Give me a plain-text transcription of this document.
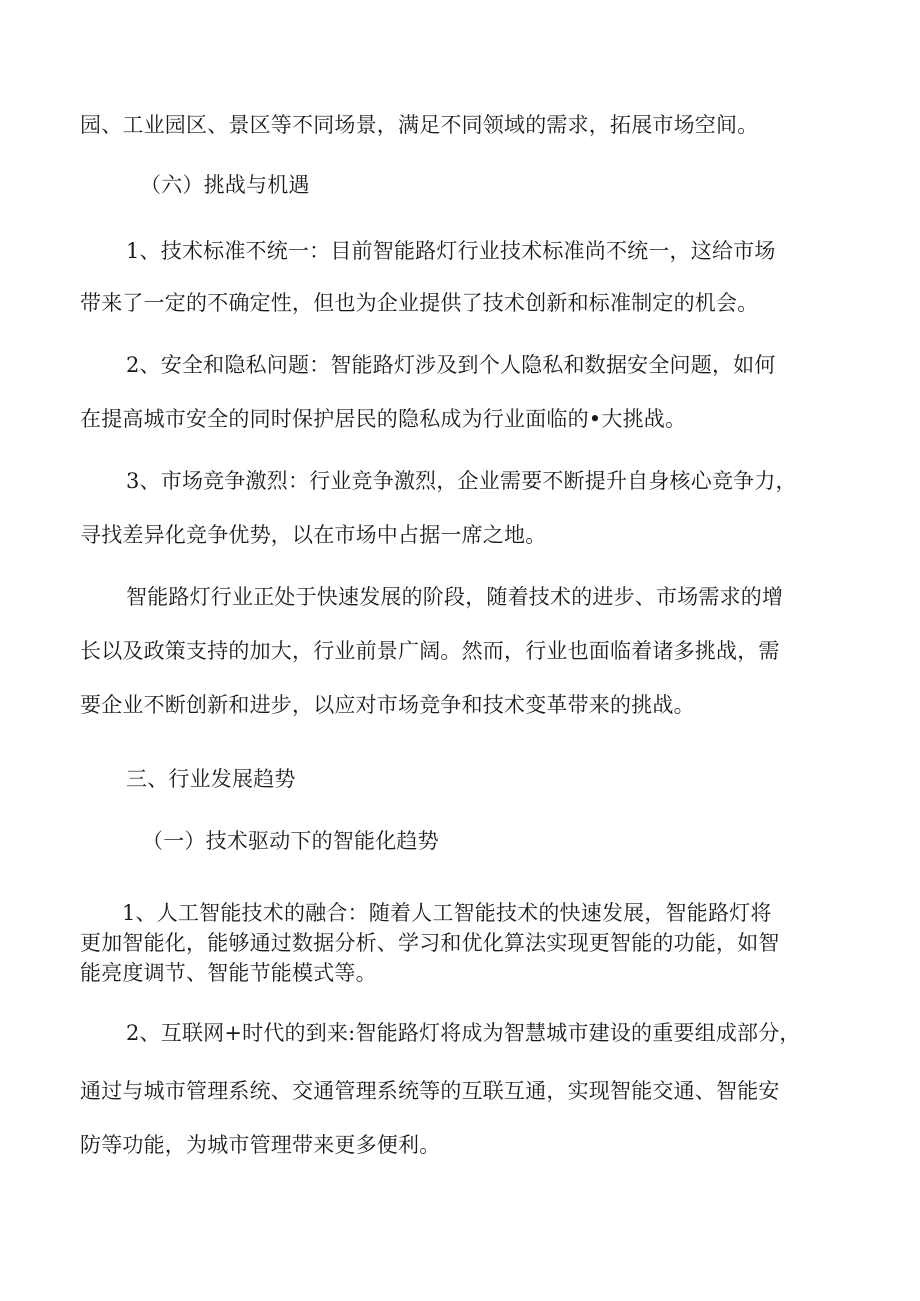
园、工业园区、景区等不同场景，满足不同领域的需求，拓展市场空间。
（六）挑战与机遇
1、技术标准不统一：目前智能路灯行业技术标准尚不统一，这给市场
带来了一定的不确定性，但也为企业提供了技术创新和标准制定的机会。
2、安全和隐私问题：智能路灯涉及到个人隐私和数据安全问题，如何
在提高城市安全的同时保护居民的隐私成为行业面临的•大挑战。
3、市场竞争激烈：行业竞争激烈，企业需要不断提升自身核心竞争力，
寻找差异化竞争优势，以在市场中占据一席之地。
智能路灯行业正处于快速发展的阶段，随着技术的进步、市场需求的增
长以及政策支持的加大，行业前景广阔。然而，行业也面临着诸多挑战，需
要企业不断创新和进步，以应对市场竞争和技术变革带来的挑战。
三、行业发展趋势
（一）技术驱动下的智能化趋势
1、人工智能技术的融合：随着人工智能技术的快速发展，智能路灯将
更加智能化，能够通过数据分析、学习和优化算法实现更智能的功能，如智
能亮度调节、智能节能模式等。
2、互联网+时代的到来:智能路灯将成为智慧城市建设的重要组成部分，
通过与城市管理系统、交通管理系统等的互联互通，实现智能交通、智能安
防等功能，为城市管理带来更多便利。
